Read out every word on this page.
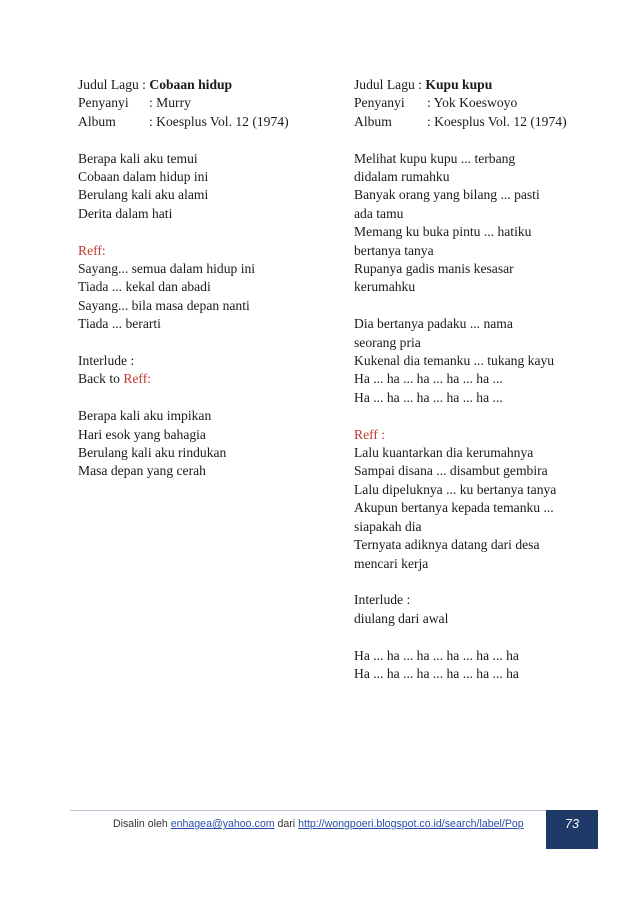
Judul Lagu : Cobaan hidup
Penyanyi	: Murry
Album	: Koesplus Vol. 12 (1974)
Berapa kali aku temui
Cobaan dalam hidup ini
Berulang kali aku alami
Derita dalam hati
Reff:
Sayang... semua dalam hidup ini
Tiada ... kekal dan abadi
Sayang... bila masa depan nanti
Tiada ... berarti
Interlude :
Back to Reff:
Berapa kali aku impikan
Hari esok yang bahagia
Berulang kali aku rindukan
Masa depan yang cerah
Judul Lagu : Kupu kupu
Penyanyi	: Yok Koeswoyo
Album	: Koesplus Vol. 12 (1974)
Melihat kupu kupu ... terbang
didalam rumahku
Banyak orang yang bilang ... pasti
ada tamu
Memang ku buka pintu ... hatiku
bertanya tanya
Rupanya gadis manis kesasar
kerumahku
Dia bertanya padaku ... nama
seorang pria
Kukenal dia temanku ... tukang kayu
Ha ... ha ... ha ... ha ... ha ...
Ha ... ha ... ha ... ha ... ha ...
Reff :
Lalu kuantarkan dia kerumahnya
Sampai disana ... disambut gembira
Lalu dipeluknya ... ku bertanya tanya
Akupun bertanya kepada temanku ...
siapakah dia
Ternyata adiknya datang dari desa
mencari kerja
Interlude :
diulang dari awal
Ha ... ha ... ha ... ha ... ha ... ha
Ha ... ha ... ha ... ha ... ha ... ha
Disalin oleh enhagea@yahoo.com dari http://wongpoeri.blogspot.co.id/search/label/Pop	73
